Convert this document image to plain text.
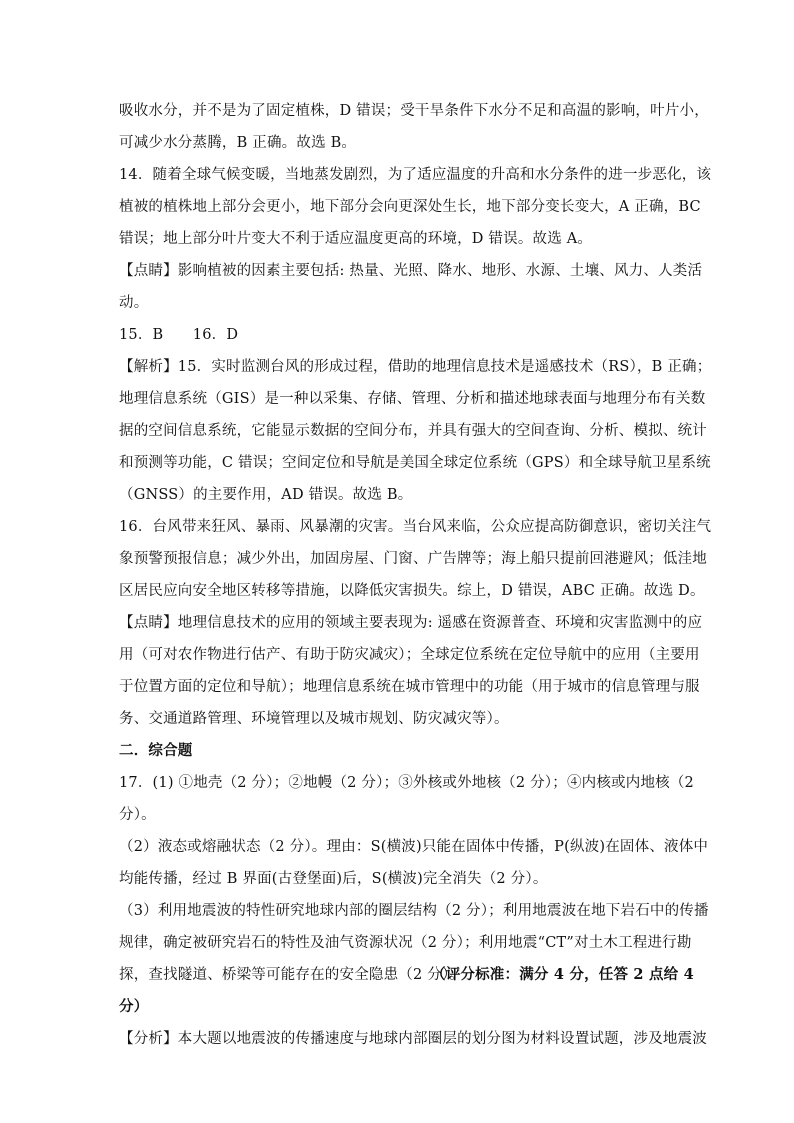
吸收水分，并不是为了固定植株，D 错误；受干旱条件下水分不足和高温的影响，叶片小，
可减少水分蒸腾，B 正确。故选 B。
14．随着全球气候变暖，当地蒸发剧烈，为了适应温度的升高和水分条件的进一步恶化，该
植被的植株地上部分会更小，地下部分会向更深处生长，地下部分变长变大，A 正确，BC
错误；地上部分叶片变大不利于适应温度更高的环境，D 错误。故选 A。
【点睛】影响植被的因素主要包括: 热量、光照、降水、地形、水源、土壤、风力、人类活
动。
15．B　　16．D
【解析】15．实时监测台风的形成过程，借助的地理信息技术是遥感技术（RS），B 正确；
地理信息系统（GIS）是一种以采集、存储、管理、分析和描述地球表面与地理分布有关数
据的空间信息系统，它能显示数据的空间分布，并具有强大的空间查询、分析、模拟、统计
和预测等功能，C 错误；空间定位和导航是美国全球定位系统（GPS）和全球导航卫星系统
（GNSS）的主要作用，AD 错误。故选 B。
16．台风带来狂风、暴雨、风暴潮的灾害。当台风来临，公众应提高防御意识，密切关注气
象预警预报信息；减少外出，加固房屋、门窗、广告牌等；海上船只提前回港避风；低洼地
区居民应向安全地区转移等措施，以降低灾害损失。综上，D 错误，ABC 正确。故选 D。
【点睛】地理信息技术的应用的领域主要表现为: 遥感在资源普查、环境和灾害监测中的应
用（可对农作物进行估产、有助于防灾减灾）；全球定位系统在定位导航中的应用（主要用
于位置方面的定位和导航）；地理信息系统在城市管理中的功能（用于城市的信息管理与服
务、交通道路管理、环境管理以及城市规划、防灾减灾等）。
二．综合题
17．(1) ①地壳（2 分）；②地幔（2 分）；③外核或外地核（2 分）；④内核或内地核（2
分）。
（2）液态或熔融状态（2 分）。理由：S(横波)只能在固体中传播，P(纵波)在固体、液体中
均能传播，经过 B 界面(古登堡面)后，S(横波)完全消失（2 分）。
（3）利用地震波的特性研究地球内部的圈层结构（2 分）；利用地震波在地下岩石中的传播
规律，确定被研究岩石的特性及油气资源状况（2 分）；利用地震“CT”对土木工程进行勘
探，查找隧道、桥梁等可能存在的安全隐患（2 分）。
（评分标准：满分 4 分，任答 2 点给 4
分）
【分析】本大题以地震波的传播速度与地球内部圈层的划分图为材料设置试题，涉及地震波
